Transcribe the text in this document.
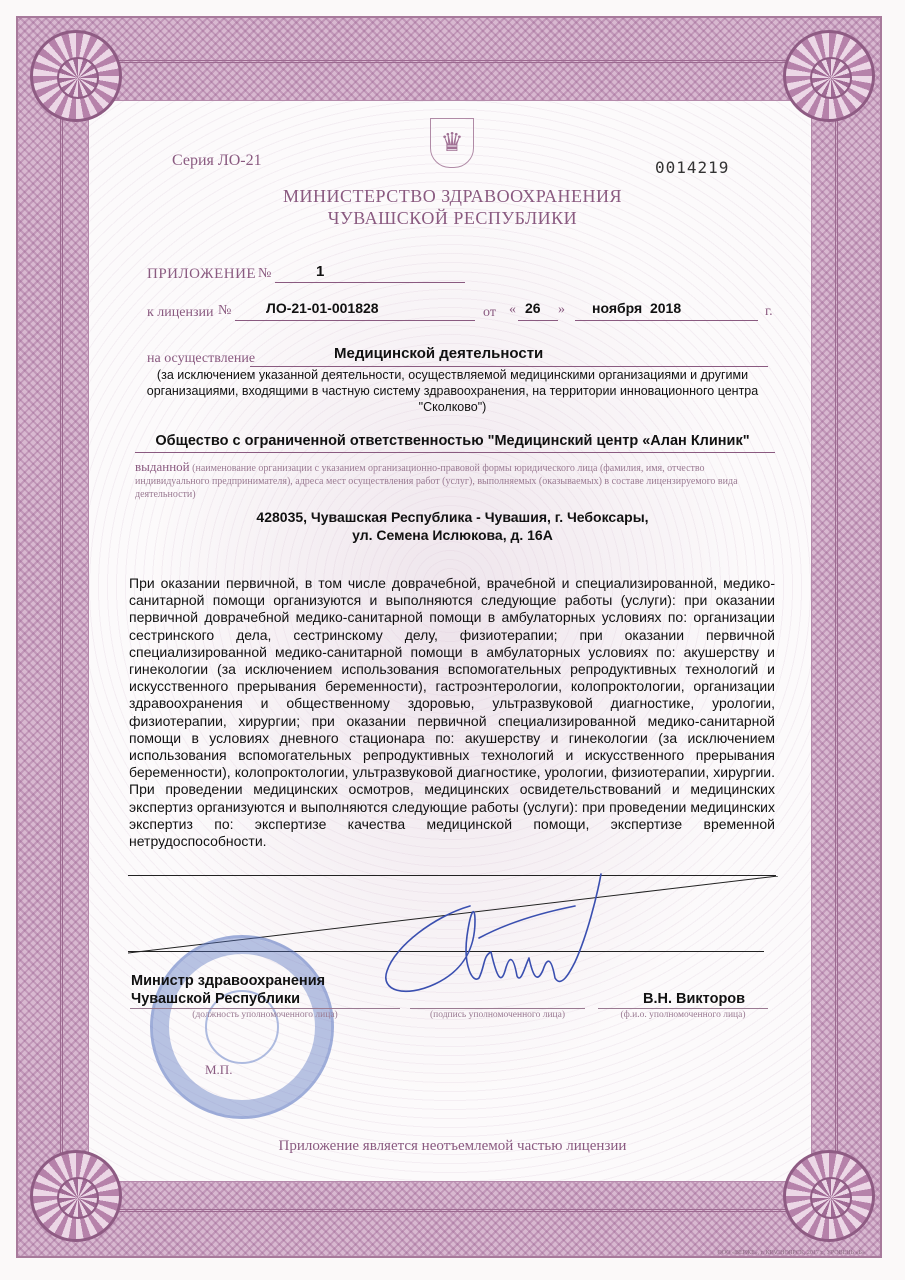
♛
Серия ЛО-21	0014219
МИНИСТЕРСТВО ЗДРАВООХРАНЕНИЯ
ЧУВАШСКОЙ РЕСПУБЛИКИ
ПРИЛОЖЕНИЕ №	1
к лицензии № ЛО-21-01-001828	от « 26 » ноября  2018	г.
на осуществление	Медицинской деятельности
(за исключением указанной деятельности, осуществляемой медицинскими организациями и другими организациями, входящими в частную систему здравоохранения, на территории инновационного центра "Сколково")
Общество с ограниченной ответственностью "Медицинский центр «Алан Клиник"
выданной (наименование организации с указанием организационно-правовой формы юридического лица (фамилия, имя, отчество индивидуального предпринимателя), адреса мест осуществления работ (услуг), выполняемых (оказываемых) в составе лицензируемого вида деятельности)
428035, Чувашская Республика - Чувашия, г. Чебоксары,
ул. Семена Ислюкова, д. 16А
При оказании первичной, в том числе доврачебной, врачебной и специализированной, медико-санитарной помощи организуются и выполняются следующие работы (услуги): при оказании первичной доврачебной медико-санитарной помощи в амбулаторных условиях по: организации сестринского дела, сестринскому делу, физиотерапии; при оказании первичной специализированной медико-санитарной помощи в амбулаторных условиях по: акушерству и гинекологии (за исключением использования вспомогательных репродуктивных технологий и искусственного прерывания беременности), гастроэнтерологии, колопроктологии, организации здравоохранения и общественному здоровью, ультразвуковой диагностике, урологии, физиотерапии, хирургии; при оказании первичной специализированной медико-санитарной помощи в условиях дневного стационара по: акушерству и гинекологии (за исключением использования вспомогательных репродуктивных технологий и искусственного прерывания беременности), колопроктологии, ультразвуковой диагностике, урологии, физиотерапии, хирургии. При проведении медицинских осмотров, медицинских освидетельствований и медицинских экспертиз организуются и выполняются следующие работы (услуги): при проведении медицинских экспертиз по: экспертизе качества медицинской помощи, экспертизе временной нетрудоспособности.
Министр здравоохранения
Чувашской Республики	В.Н. Викторов
(должность уполномоченного лица)	(подпись уполномоченного лица)	(ф.и.о. уполномоченного лица)
М.П.
Приложение является неотъемлемой частью лицензии
ООО «ВЕРЖЕ», г. КРАСНОЯРСК, 2017 г., УРОВЕНЬ «Б»
